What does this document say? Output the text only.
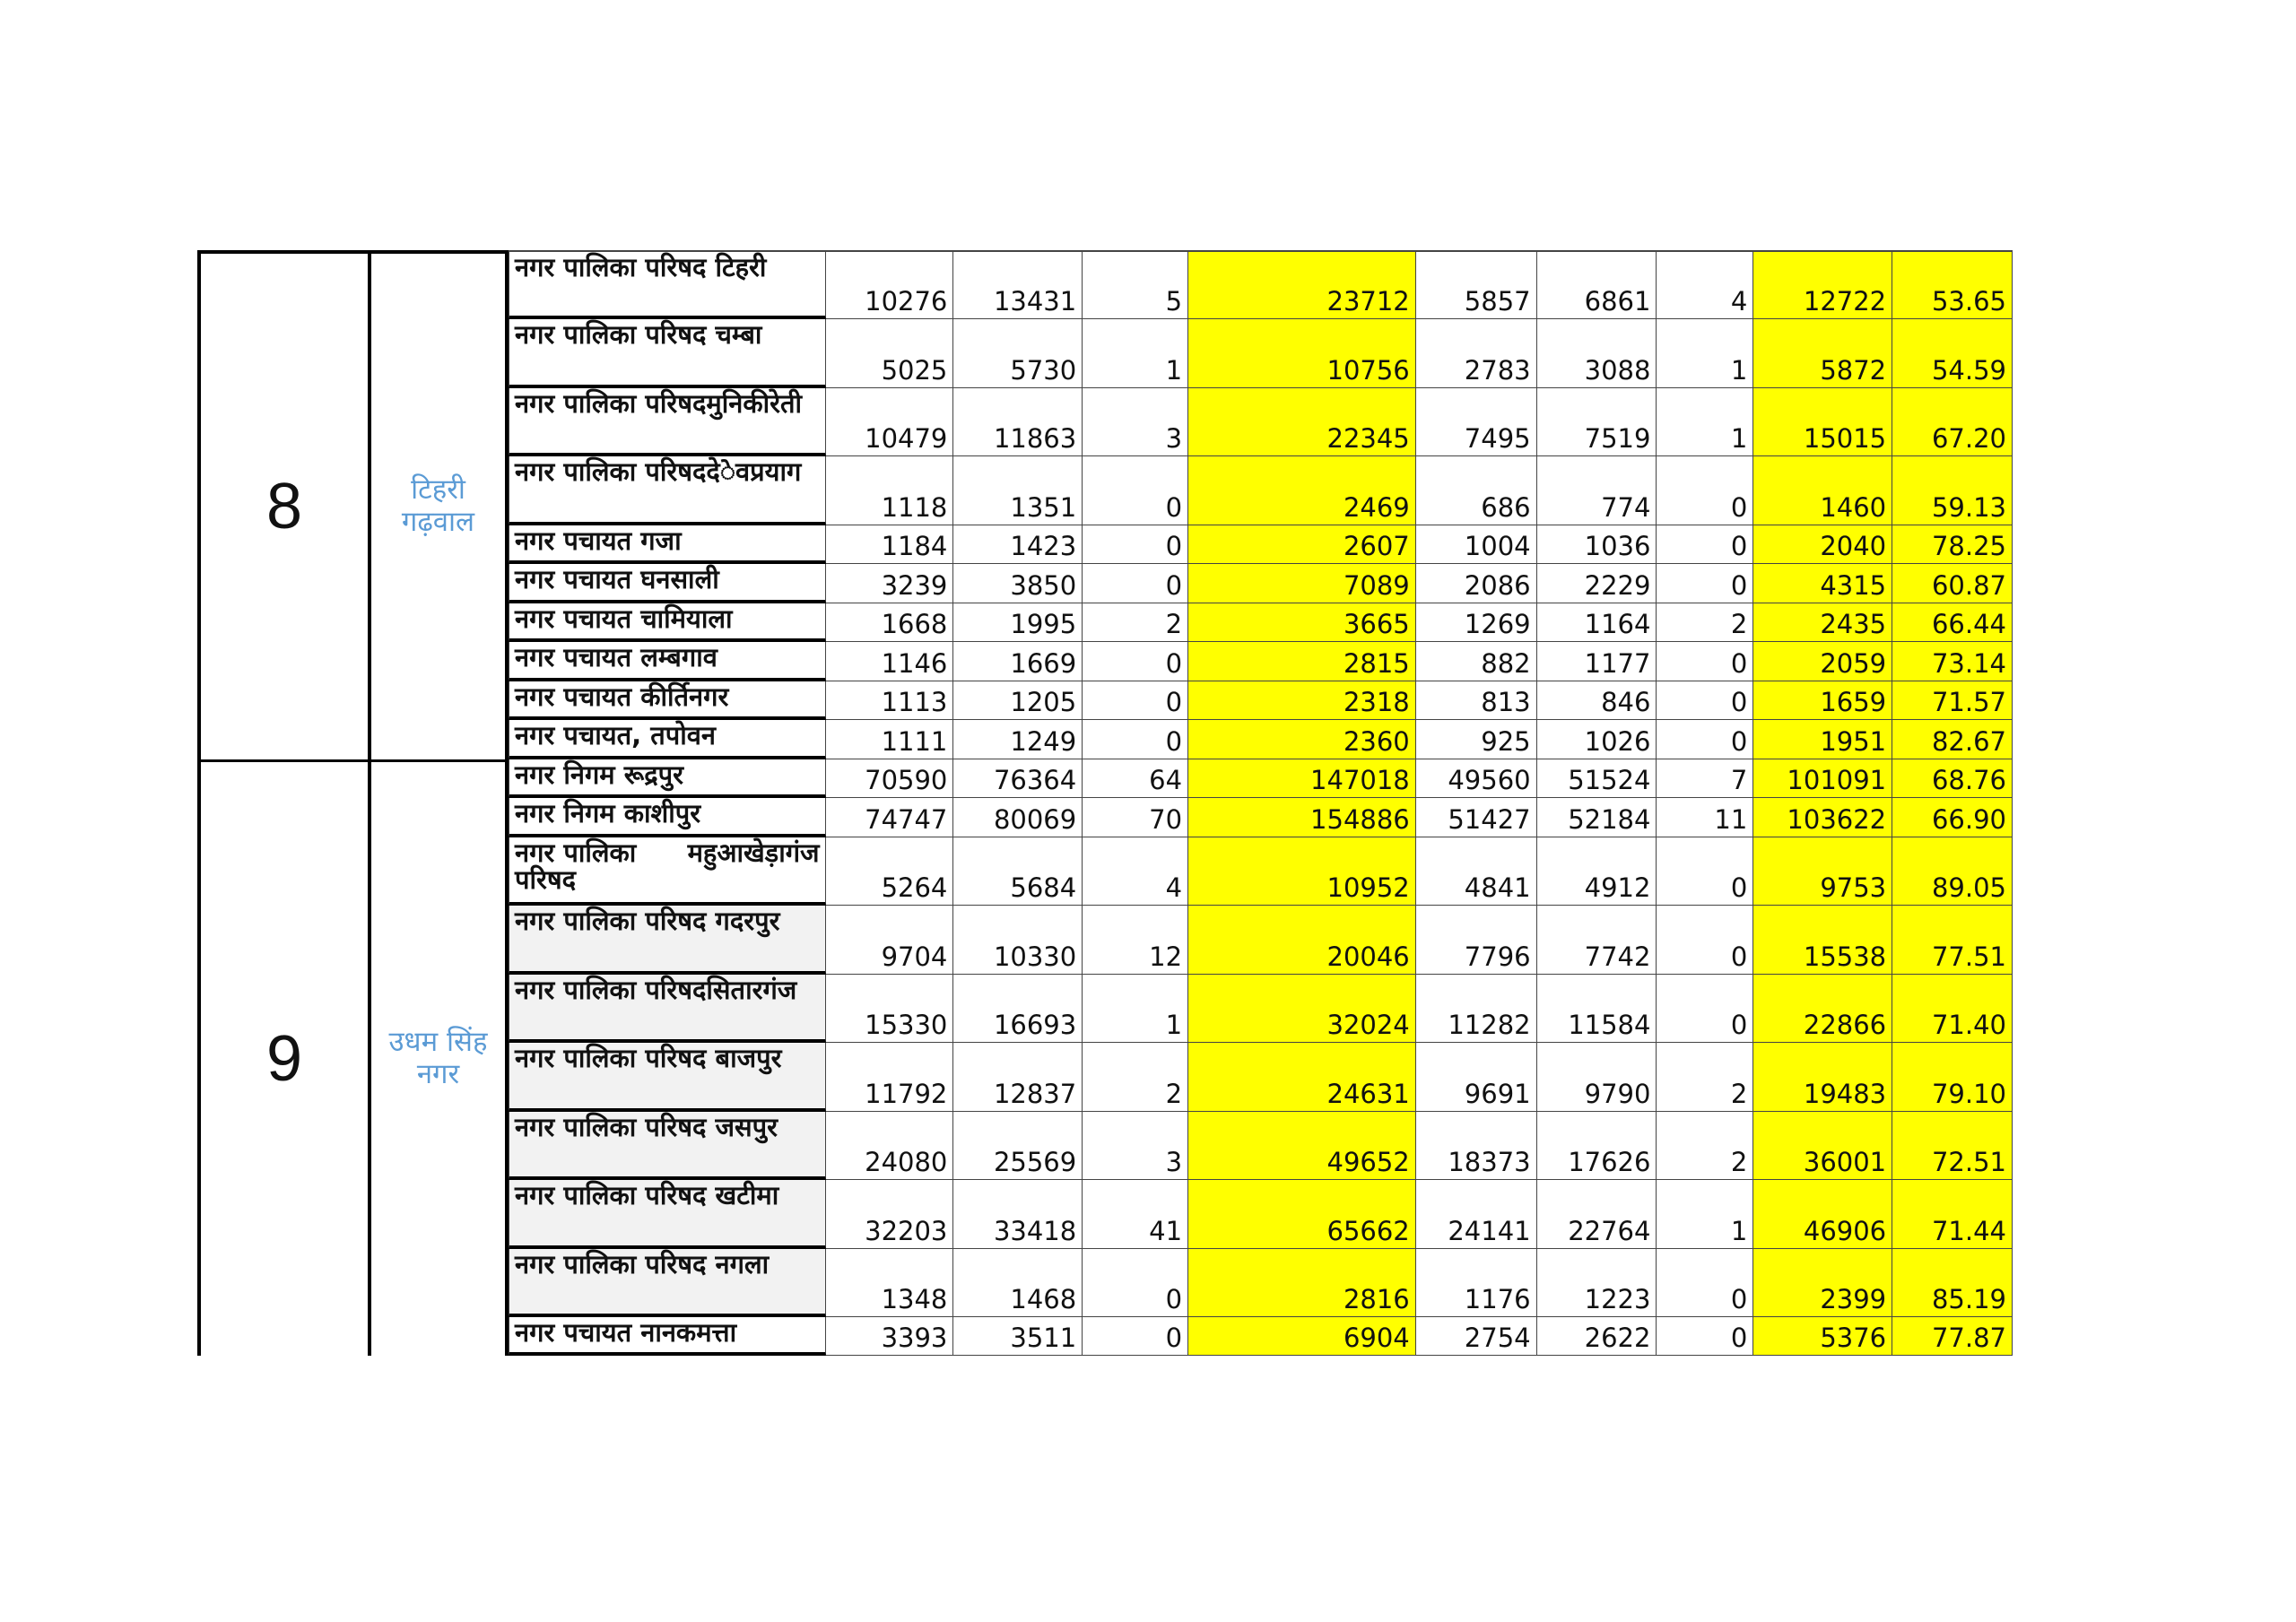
8	टिहरी
गढ़वाल
नगर पालिका परिषद टिहरी
10276	13431	5	23712	5857	6861	4	12722	53.65
नगर पालिका परिषद चम्बा
5025	5730	1	10756	2783	3088	1	5872	54.59
नगर पालिका परिषद मुनिकीरेती
10479	11863	3	22345	7495	7519	1	15015	67.20
नगर पालिका परिषद दे◌ेवप्रयाग
1118	1351	0	2469	686	774	0	1460	59.13
नगर पचायत गजा	1184	1423	0	2607	1004	1036	0	2040	78.25
नगर पचायत घनसाली	3239	3850	0	7089	2086	2229	0	4315	60.87
नगर पचायत चामियाला	1668	1995	2	3665	1269	1164	2	2435	66.44
नगर पचायत लम्बगाव	1146	1669	0	2815	882	1177	0	2059	73.14
नगर पचायत कीर्तिनगर	1113	1205	0	2318	813	846	0	1659	71.57
नगर पचायत, तपोवन	1111	1249	0	2360	925	1026	0	1951	82.67
9	उधम सिंह
नगर
नगर निगम रूद्रपुर	70590	76364	64	147018	49560	51524	7	101091	68.76
नगर निगम काशीपुर	74747	80069	70	154886	51427	52184	11	103622	66.90
नगर पालिका परिषद
महुआखेड़ागंज
5264	5684	4	10952	4841	4912	0	9753	89.05
नगर पालिका परिषद गदरपुर
9704	10330	12	20046	7796	7742	0	15538	77.51
नगर पालिका परिषद सितारगंज
15330	16693	1	32024	11282	11584	0	22866	71.40
नगर पालिका परिषद बाजपुर
11792	12837	2	24631	9691	9790	2	19483	79.10
नगर पालिका परिषद जसपुर
24080	25569	3	49652	18373	17626	2	36001	72.51
नगर पालिका परिषद खटीमा
32203	33418	41	65662	24141	22764	1	46906	71.44
नगर पालिका परिषद नगला
1348	1468	0	2816	1176	1223	0	2399	85.19
नगर पचायत नानकमत्ता	3393	3511	0	6904	2754	2622	0	5376	77.87
